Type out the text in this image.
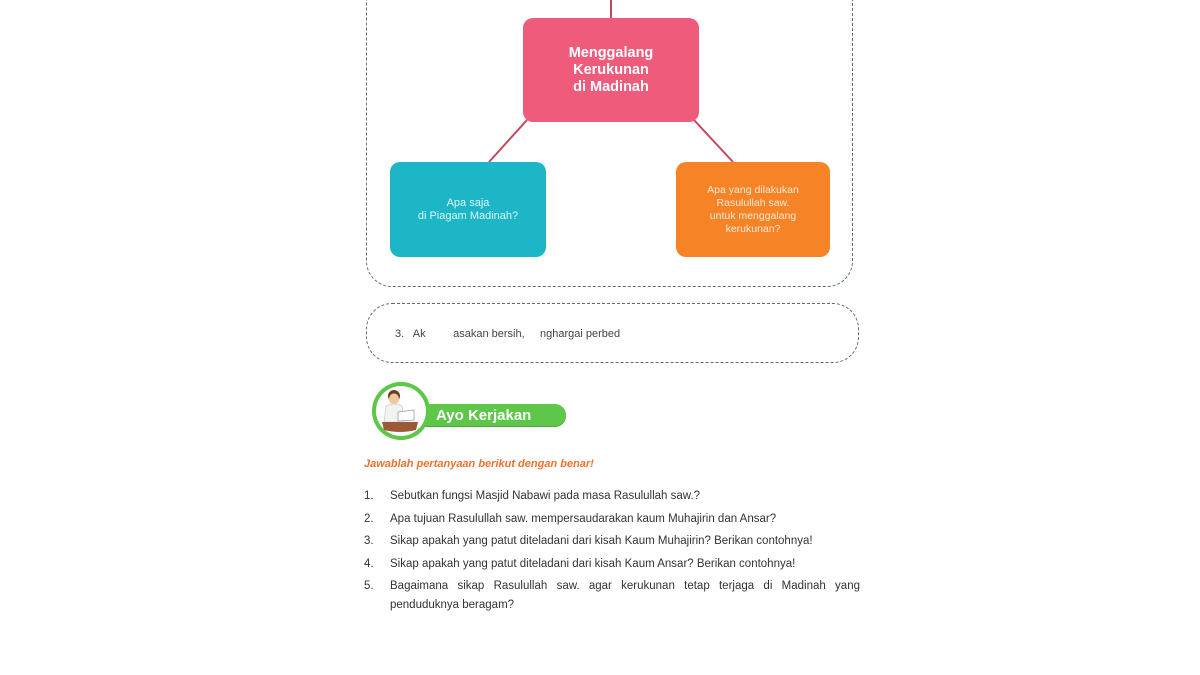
Menggalang
Kerukunan
di Madinah
Apa saja
di Piagam Madinah?
Apa yang dilakukan
Rasulullah saw.
untuk menggalang
kerukunan?
3. Ak	asakan bersih, nghargai perbed
Ayo Kerjakan
Jawablah pertanyaan berikut dengan benar!
1. Sebutkan fungsi Masjid Nabawi pada masa Rasulullah saw.?
2. Apa tujuan Rasulullah saw. mempersaudarakan kaum Muhajirin dan Ansar?
3. Sikap apakah yang patut diteladani dari kisah Kaum Muhajirin? Berikan contohnya!
4. Sikap apakah yang patut diteladani dari kisah Kaum Ansar? Berikan contohnya!
5. Bagaimana sikap Rasulullah saw. agar kerukunan tetap terjaga di Madinah yang penduduknya beragam?
